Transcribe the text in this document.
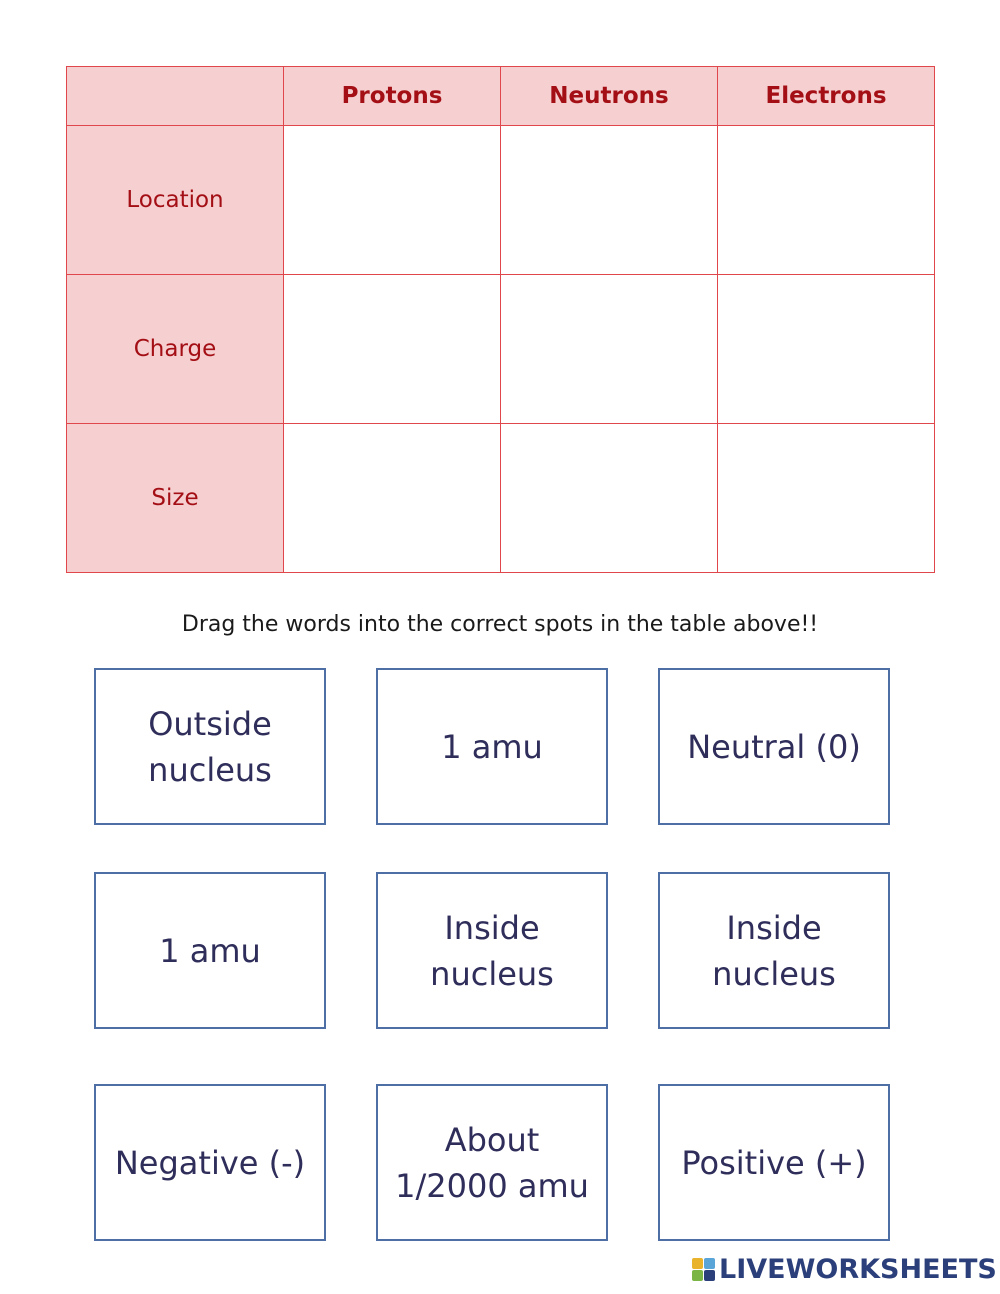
	Protons	Neutrons	Electrons
Location			
Charge			
Size			
Drag the words into the correct spots in the table above!!
Outside nucleus
1 amu	Neutral (0)
1 amu
Inside nucleus
Inside nucleus
Negative (-)
About 1/2000 amu
Positive (+)
LIVEWORKSHEETS
